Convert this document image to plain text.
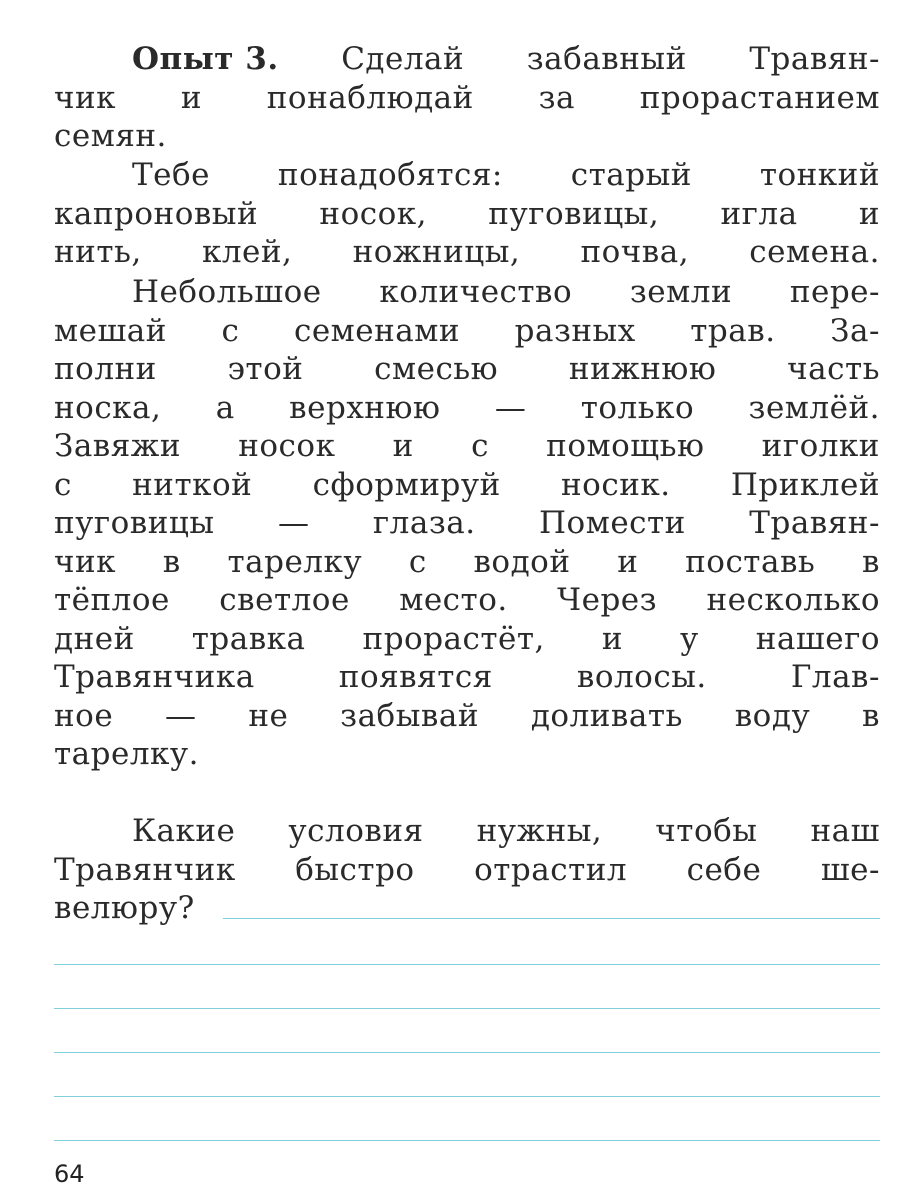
Опыт 3. Сделай забавный Травян-
чик и понаблюдай за прорастанием
семян.
Тебе понадобятся: старый тонкий
капроновый носок, пуговицы, игла и
нить, клей, ножницы, почва, семена.
Небольшое количество земли пере-
мешай с семенами разных трав. За-
полни этой смесью нижнюю часть
носка, а верхнюю — только землёй.
Завяжи носок и с помощью иголки
с ниткой сформируй носик. Приклей
пуговицы — глаза. Помести Травян-
чик в тарелку с водой и поставь в
тёплое светлое место. Через несколько
дней травка прорастёт, и у нашего
Травянчика	появятся	волосы.	Глав-
ное — не забывай доливать воду в
тарелку.
Какие условия нужны, чтобы наш
Травянчик быстро отрастил себе ше-
велюру?
64
